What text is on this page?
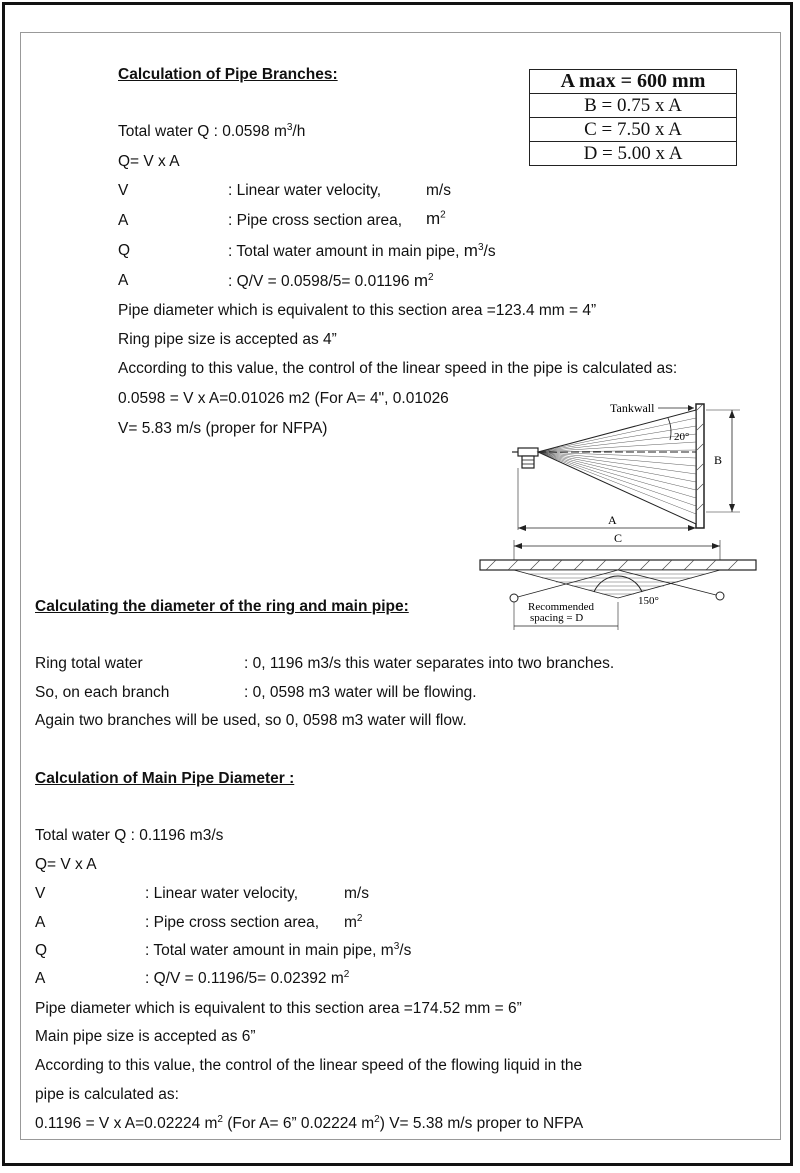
A max = 600 mm
B = 0.75 x A
C = 7.50 x A
D = 5.00 x A
Calculation of Pipe Branches:
Total water Q : 0.0598 $m^3/h$
Q= V x A
V	: Linear water velocity,	m/s
A	: Pipe cross section area, $m^2$
Q	: Total water amount in main pipe, $m^3/s$
A	: Q/V = 0.0598/5= 0.01196 $m^2$
Pipe diameter which is equivalent to this section area =123.4 mm = 4”
Ring pipe size is accepted as 4”
According to this value, the control of the linear speed in the pipe is calculated as:
0.0598 = V x A=0.01026 m2 (For A= 4", 0.01026
V= 5.83 m/s (proper for NFPA)	20°
Tankwall
B
A
C
150°
Recommended
spacing = D
Calculating the diameter of the ring and main pipe:
Ring total water	: 0, 1196 m3/s this water separates into two branches.
So, on each branch	: 0, 0598 m3 water will be flowing.
Again two branches will be used, so 0, 0598 m3 water will flow.
Calculation of Main Pipe Diameter :
Total water Q : 0.1196 m3/s
Q= V x A
V	: Linear water velocity,	m/s
A	: Pipe cross section area, $m^2$
Q	: Total water amount in main pipe, $m^3/s$
A	: Q/V = 0.1196/5= 0.02392 $m^2$
Pipe diameter which is equivalent to this section area =174.52 mm = 6”
Main pipe size is accepted as 6”
According to this value, the control of the linear speed of the flowing liquid in the
pipe is calculated as:
0.1196 = V x A=0.02224 $m^2$ (For A= 6” 0.02224 $m^2$) V= 5.38 m/s proper to NFPA
